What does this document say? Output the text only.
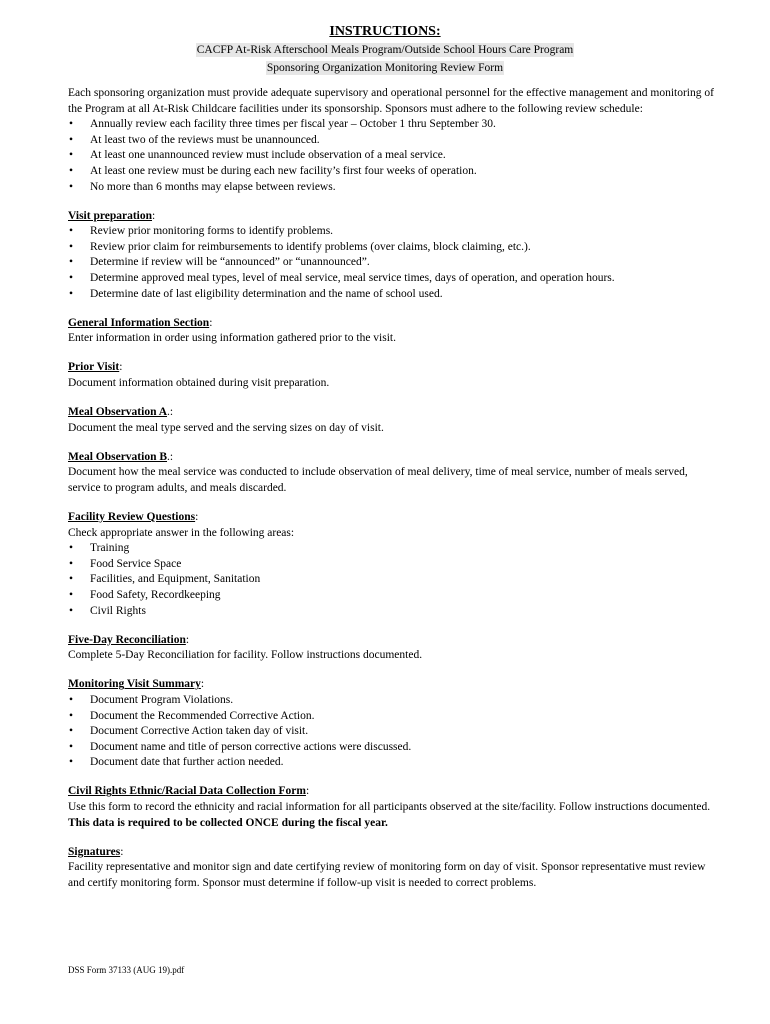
INSTRUCTIONS:
CACFP At-Risk Afterschool Meals Program/Outside School Hours Care Program
Sponsoring Organization Monitoring Review Form

Each sponsoring organization must provide adequate supervisory and operational personnel for the effective management and monitoring of the Program at all At-Risk Childcare facilities under its sponsorship. Sponsors must adhere to the following review schedule:

• Annually review each facility three times per fiscal year – October 1 thru September 30.
• At least two of the reviews must be unannounced.
• At least one unannounced review must include observation of a meal service.
• At least one review must be during each new facility’s first four weeks of operation.
• No more than 6 months may elapse between reviews.
Visit preparation:
• Review prior monitoring forms to identify problems.
• Review prior claim for reimbursements to identify problems (over claims, block claiming, etc.).
• Determine if review will be “announced” or “unannounced”.
• Determine approved meal types, level of meal service, meal service times, days of operation, and operation hours.
• Determine date of last eligibility determination and the name of school used.
General Information Section:
Enter information in order using information gathered prior to the visit.
Prior Visit:
Document information obtained during visit preparation.
Meal Observation A.:
Document the meal type served and the serving sizes on day of visit.
Meal Observation B.:
Document how the meal service was conducted to include observation of meal delivery, time of meal service, number of meals served, service to program adults, and meals discarded.
Facility Review Questions:
Check appropriate answer in the following areas:
• Training
• Food Service Space
• Facilities, and Equipment, Sanitation
• Food Safety, Recordkeeping
• Civil Rights
Five-Day Reconciliation:
Complete 5-Day Reconciliation for facility. Follow instructions documented.
Monitoring Visit Summary:
• Document Program Violations.
• Document the Recommended Corrective Action.
• Document Corrective Action taken day of visit.
• Document name and title of person corrective actions were discussed.
• Document date that further action needed.
Civil Rights Ethnic/Racial Data Collection Form:
Use this form to record the ethnicity and racial information for all participants observed at the site/facility. Follow instructions documented. This data is required to be collected ONCE during the fiscal year.
Signatures:
Facility representative and monitor sign and date certifying review of monitoring form on day of visit. Sponsor representative must review and certify monitoring form. Sponsor must determine if follow-up visit is needed to correct problems.
DSS Form 37133 (AUG 19).pdf
